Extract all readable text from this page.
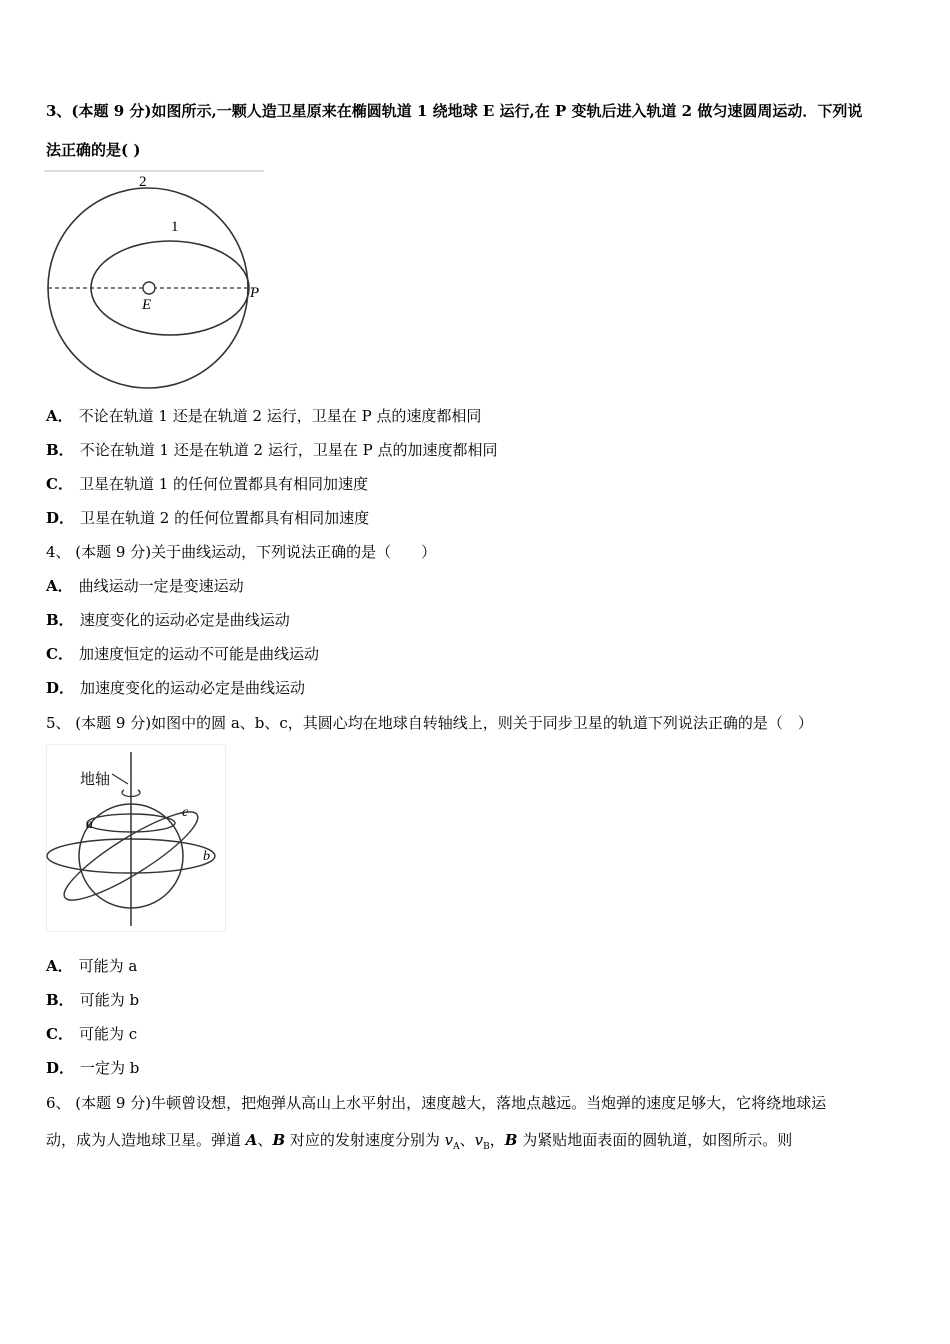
3、(本题 9 分)如图所示,一颗人造卫星原来在椭圆轨道 1 绕地球 E 运行,在 P 变轨后进入轨道 2 做匀速圆周运动．下列说
法正确的是( )
2
1
E
P
A． 不论在轨道 1 还是在轨道 2 运行，卫星在 P 点的速度都相同
B． 不论在轨道 1 还是在轨道 2 运行，卫星在 P 点的加速度都相同
C． 卫星在轨道 1 的任何位置都具有相同加速度
D． 卫星在轨道 2 的任何位置都具有相同加速度
4、 (本题 9 分)关于曲线运动，下列说法正确的是（　　）
A． 曲线运动一定是变速运动
B． 速度变化的运动必定是曲线运动
C． 加速度恒定的运动不可能是曲线运动
D． 加速度变化的运动必定是曲线运动
5、 (本题 9 分)如图中的圆 a、b、c，其圆心均在地球自转轴线上，则关于同步卫星的轨道下列说法正确的是（　）
地轴
a
b
c
A． 可能为 a
B． 可能为 b
C． 可能为 c
D． 一定为 b
6、 (本题 9 分)牛顿曾设想，把炮弹从高山上水平射出，速度越大，落地点越远。当炮弹的速度足够大，它将绕地球运
动，成为人造地球卫星。弹道 A、B 对应的发射速度分别为 $v_A$、$v_B$，B 为紧贴地面表面的圆轨道，如图所示。则
